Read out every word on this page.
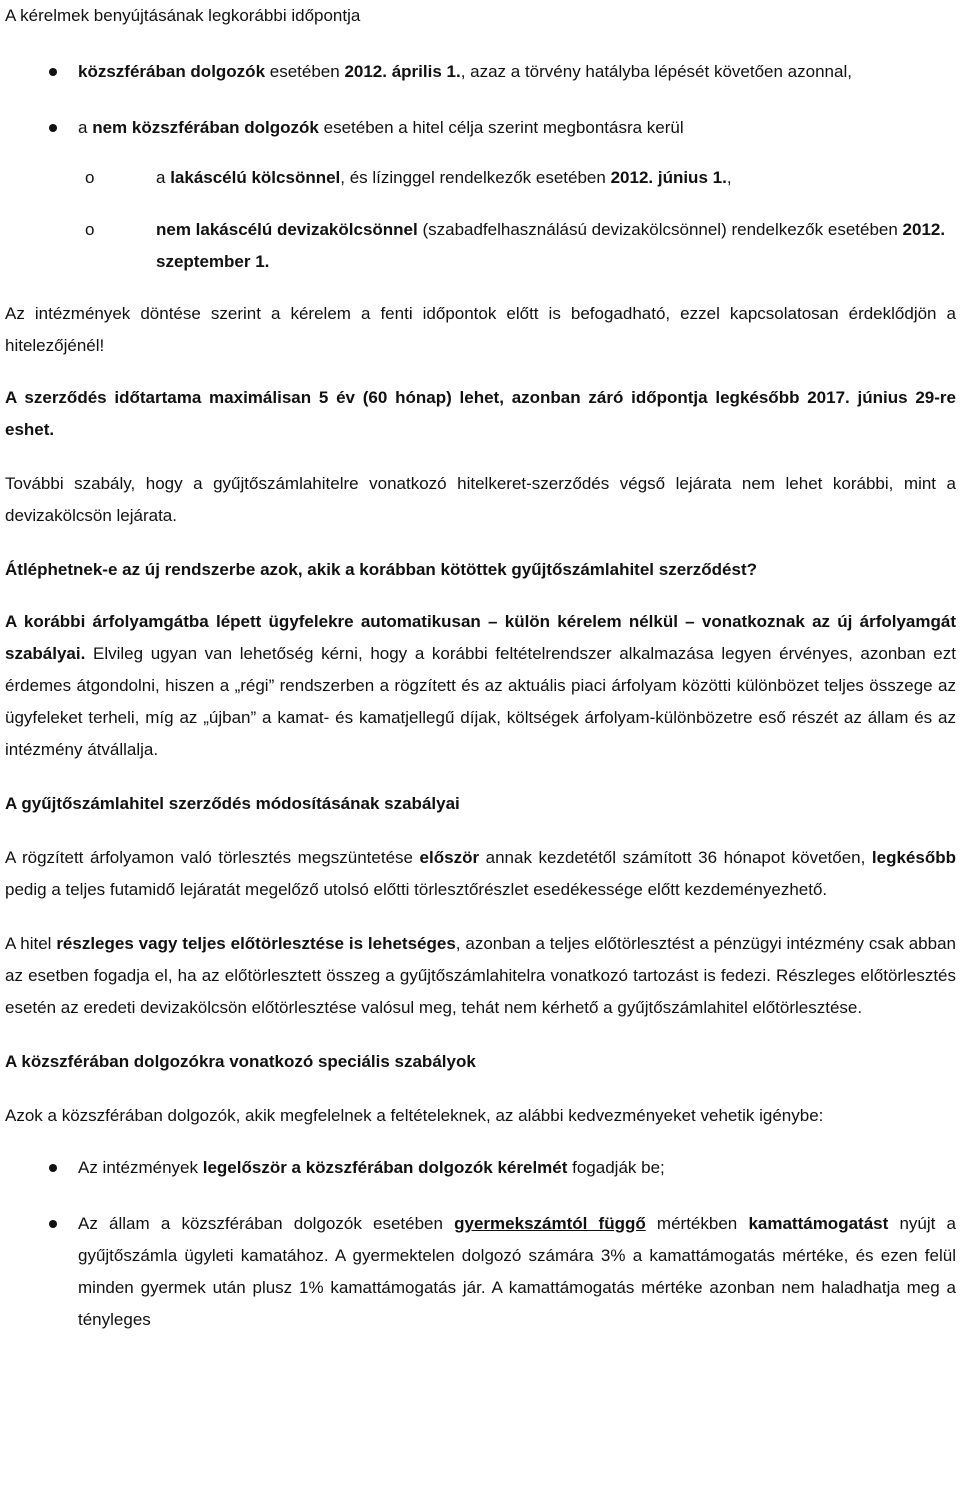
A kérelmek benyújtásának legkorábbi időpontja

közszférában dolgozók esetében 2012. április 1., azaz a törvény hatályba lépését követően azonnal,
a nem közszférában dolgozók esetében a hitel célja szerint megbontásra kerül
o	a lakáscélú kölcsönnel, és lízinggel rendelkezők esetében 2012. június 1.,
o	nem lakáscélú devizakölcsönnel (szabadfelhasználású devizakölcsönnel) rendelkezők esetében 2012. szeptember 1.

Az intézmények döntése szerint a kérelem a fenti időpontok előtt is befogadható, ezzel kapcsolatosan érdeklődjön a hitelezőjénél!

A szerződés időtartama maximálisan 5 év (60 hónap) lehet, azonban záró időpontja legkésőbb 2017. június 29-re eshet.

További szabály, hogy a gyűjtőszámlahitelre vonatkozó hitelkeret-szerződés végső lejárata nem lehet korábbi, mint a devizakölcsön lejárata.

Átléphetnek-e az új rendszerbe azok, akik a korábban kötöttek gyűjtőszámlahitel szerződést?

A korábbi árfolyamgátba lépett ügyfelekre automatikusan – külön kérelem nélkül – vonatkoznak az új árfolyamgát szabályai. Elvileg ugyan van lehetőség kérni, hogy a korábbi feltételrendszer alkalmazása legyen érvényes, azonban ezt érdemes átgondolni, hiszen a „régi” rendszerben a rögzített és az aktuális piaci árfolyam közötti különbözet teljes összege az ügyfeleket terheli, míg az „újban” a kamat- és kamatjellegű díjak, költségek árfolyam-különbözetre eső részét az állam és az intézmény átvállalja.

A gyűjtőszámlahitel szerződés módosításának szabályai

A rögzített árfolyamon való törlesztés megszüntetése először annak kezdetétől számított 36 hónapot követően, legkésőbb pedig a teljes futamidő lejáratát megelőző utolsó előtti törlesztőrészlet esedékessége előtt kezdeményezhető.

A hitel részleges vagy teljes előtörlesztése is lehetséges, azonban a teljes előtörlesztést a pénzügyi intézmény csak abban az esetben fogadja el, ha az előtörlesztett összeg a gyűjtőszámlahitelra vonatkozó tartozást is fedezi. Részleges előtörlesztés esetén az eredeti devizakölcsön előtörlesztése valósul meg, tehát nem kérhető a gyűjtőszámlahitel előtörlesztése.

A közszférában dolgozókra vonatkozó speciális szabályok

Azok a közszférában dolgozók, akik megfelelnek a feltételeknek, az alábbi kedvezményeket vehetik igénybe:

Az intézmények legelőször a közszférában dolgozók kérelmét fogadják be;
Az állam a közszférában dolgozók esetében gyermekszámtól függő mértékben kamattámogatást nyújt a gyűjtőszámla ügyleti kamatához. A gyermektelen dolgozó számára 3% a kamattámogatás mértéke, és ezen felül minden gyermek után plusz 1% kamattámogatás jár. A kamattámogatás mértéke azonban nem haladhatja meg a tényleges
